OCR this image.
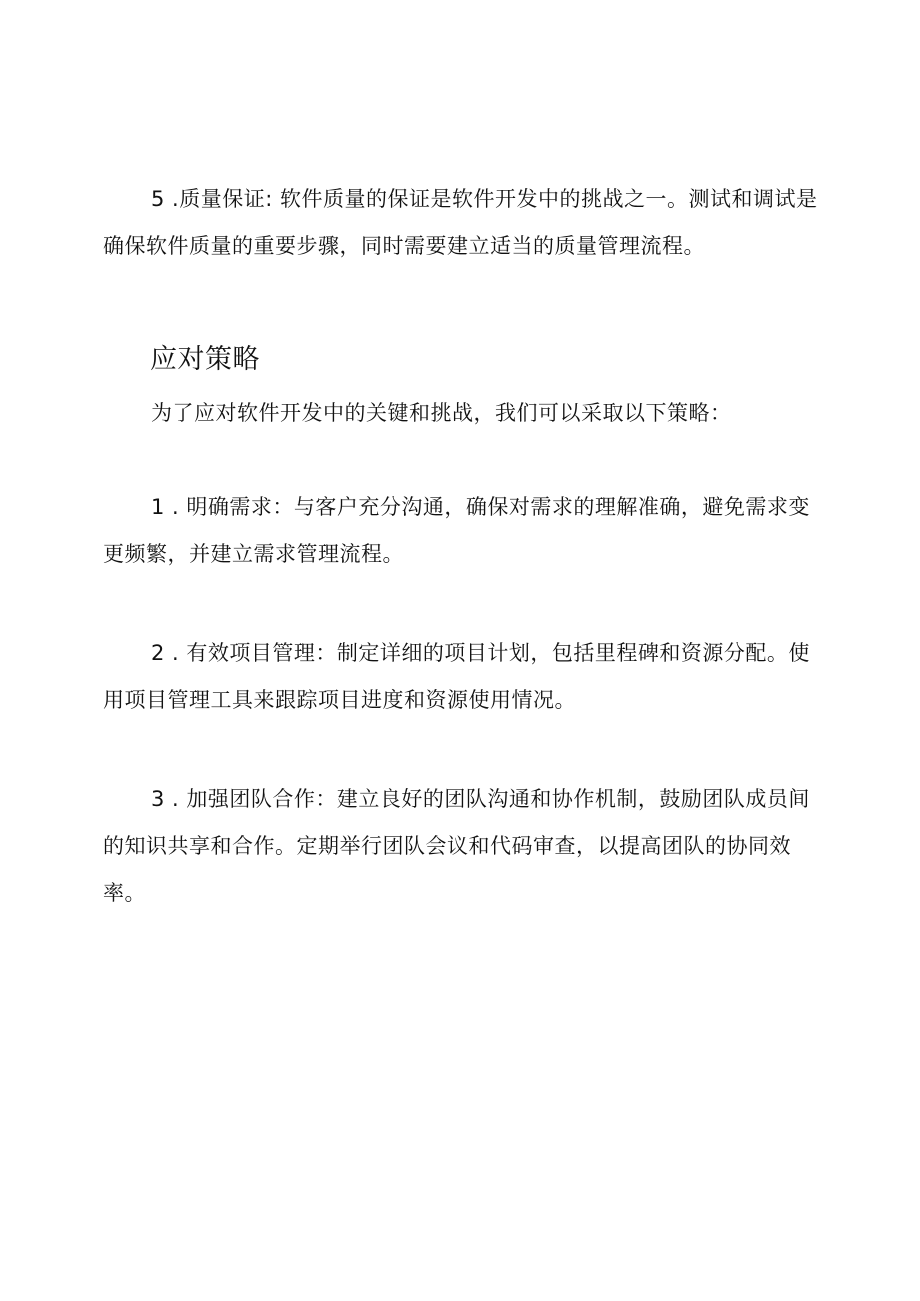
5 .质量保证: 软件质量的保证是软件开发中的挑战之一。测试和调试是确保软件质量的重要步骤，同时需要建立适当的质量管理流程。

应对策略

为了应对软件开发中的关键和挑战，我们可以采取以下策略：

1 . 明确需求：与客户充分沟通，确保对需求的理解准确，避免需求变更频繁，并建立需求管理流程。

2 . 有效项目管理：制定详细的项目计划，包括里程碑和资源分配。使用项目管理工具来跟踪项目进度和资源使用情况。

3 . 加强团队合作：建立良好的团队沟通和协作机制，鼓励团队成员间的知识共享和合作。定期举行团队会议和代码审查，以提高团队的协同效率。
